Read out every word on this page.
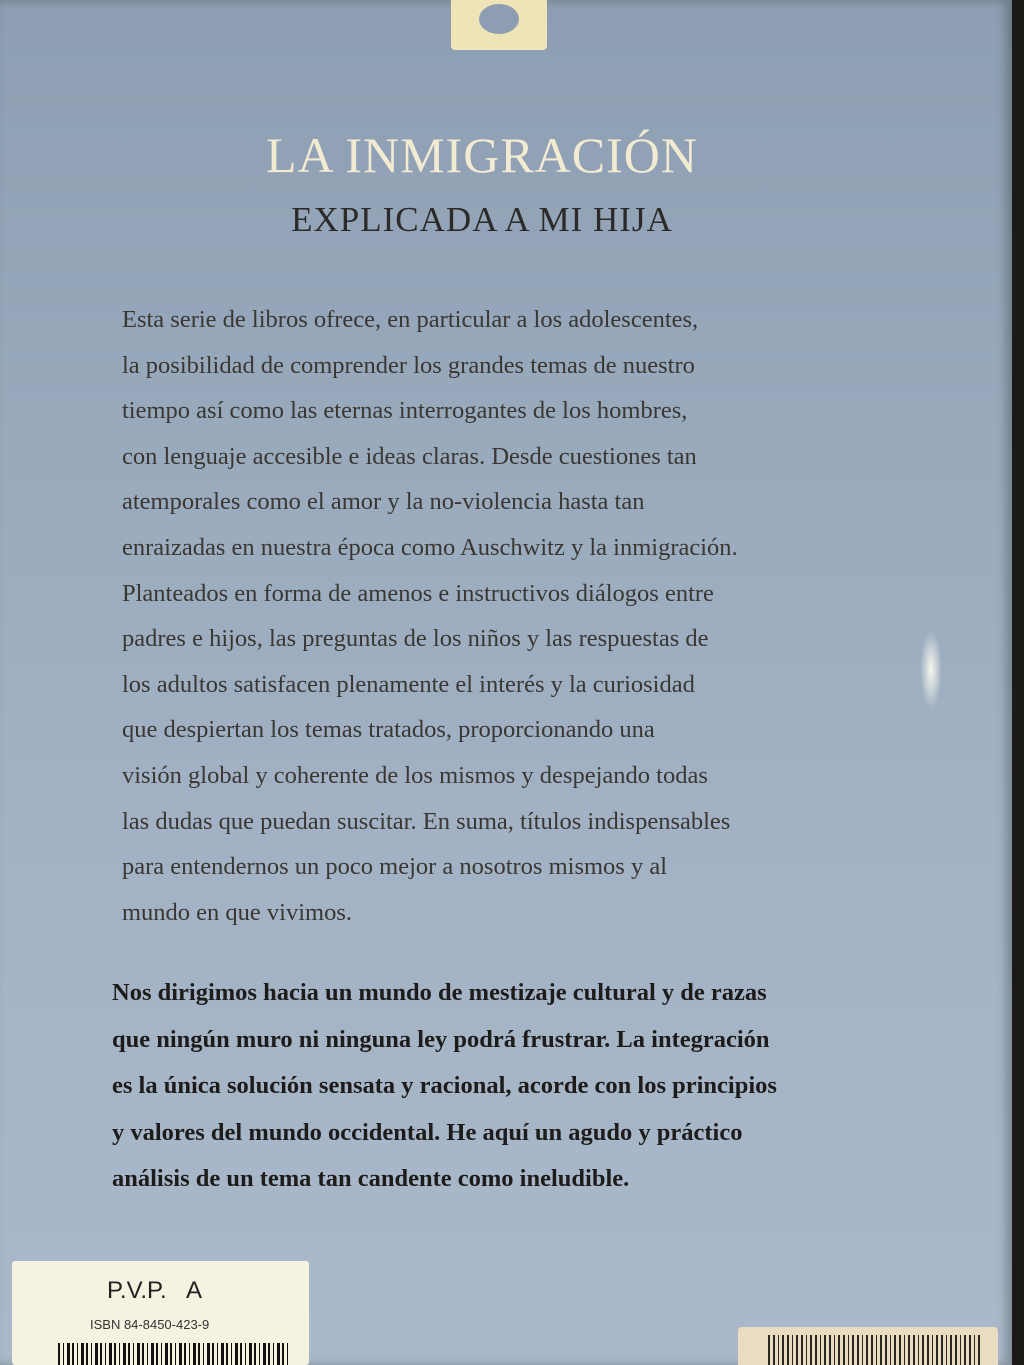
LA INMIGRACIÓN
EXPLICADA A MI HIJA

Esta serie de libros ofrece, en particular a los adolescentes,
la posibilidad de comprender los grandes temas de nuestro
tiempo así como las eternas interrogantes de los hombres,
con lenguaje accesible e ideas claras. Desde cuestiones tan
atemporales como el amor y la no-violencia hasta tan
enraizadas en nuestra época como Auschwitz y la inmigración.
Planteados en forma de amenos e instructivos diálogos entre
padres e hijos, las preguntas de los niños y las respuestas de
los adultos satisfacen plenamente el interés y la curiosidad
que despiertan los temas tratados, proporcionando una
visión global y coherente de los mismos y despejando todas
las dudas que puedan suscitar. En suma, títulos indispensables
para entendernos un poco mejor a nosotros mismos y al
mundo en que vivimos.

Nos dirigimos hacia un mundo de mestizaje cultural y de razas
que ningún muro ni ninguna ley podrá frustrar. La integración
es la única solución sensata y racional, acorde con los principios
y valores del mundo occidental. He aquí un agudo y práctico
análisis de un tema tan candente como ineludible.

P.V.P. A
ISBN 84-8450-423-9
